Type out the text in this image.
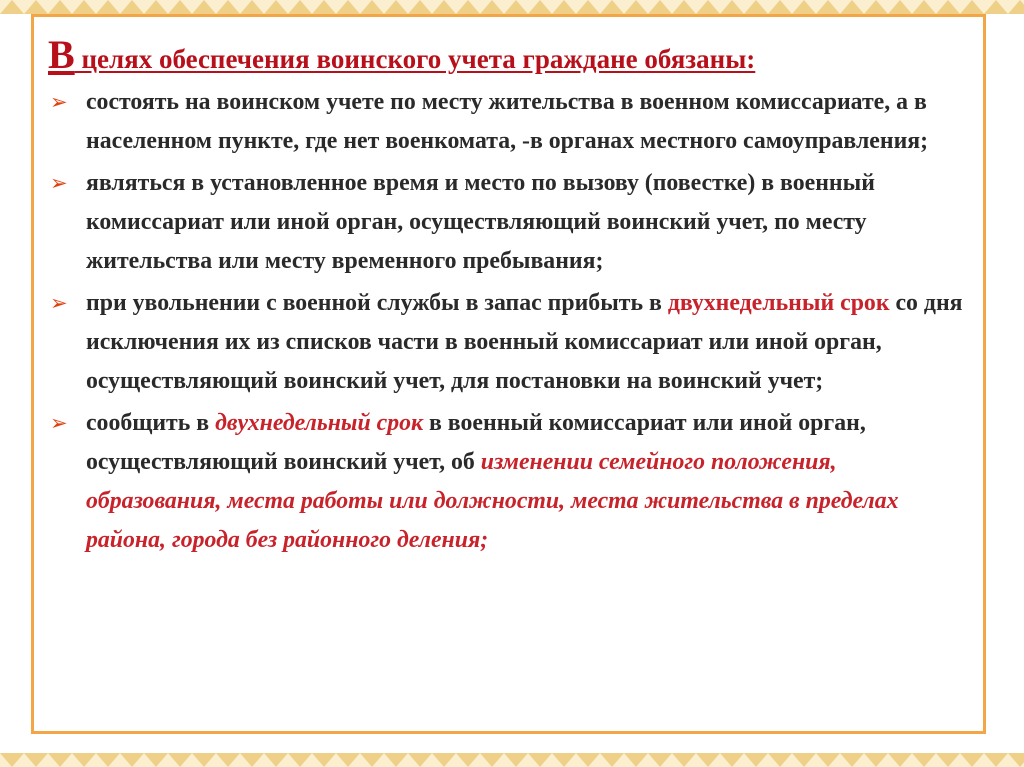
В целях обеспечения воинского учета граждане обязаны:

➢ состоять на воинском учете по месту жительства в военном комиссариате, а в населенном пункте, где нет военкомата, -в органах местного самоуправления;
➢ являться в установленное время и место по вызову (повестке) в военный комиссариат или иной орган, осуществляющий воинский учет, по месту жительства или месту временного пребывания;
➢ при увольнении с военной службы в запас прибыть в двухнедельный срок со дня исключения их из списков части в военный комиссариат или иной орган, осуществляющий воинский учет, для постановки на воинский учет;
➢ сообщить в двухнедельный срок в военный комиссариат или иной орган, осуществляющий воинский учет, об изменении семейного положения, образования, места работы или должности, места жительства в пределах района, города без районного деления;
